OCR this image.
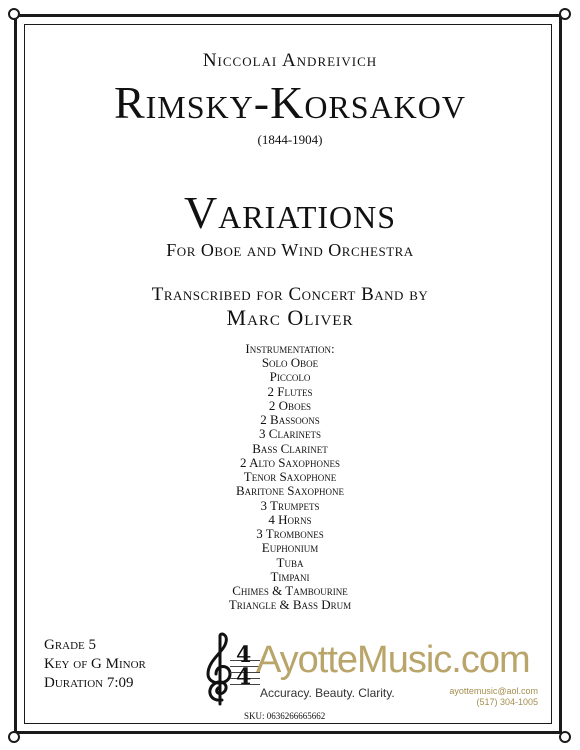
Niccolai Andreivich
Rimsky-Korsakov
(1844-1904)
Variations
For Oboe and Wind Orchestra
Transcribed for Concert Band by
Marc Oliver
Instrumentation:
Solo Oboe
Piccolo
2 Flutes
2 Oboes
2 Bassoons
3 Clarinets
Bass Clarinet
2 Alto Saxophones
Tenor Saxophone
Baritone Saxophone
3 Trumpets
4 Horns
3 Trombones
Euphonium
Tuba
Timpani
Chimes & Tambourine
Triangle & Bass Drum
Grade 5
Key of G Minor
Duration 7:09
4
4 AyotteMusic.com
Accuracy. Beauty. Clarity.	ayottemusic@aol.com
(517) 304-1005
SKU: 0636266665662
